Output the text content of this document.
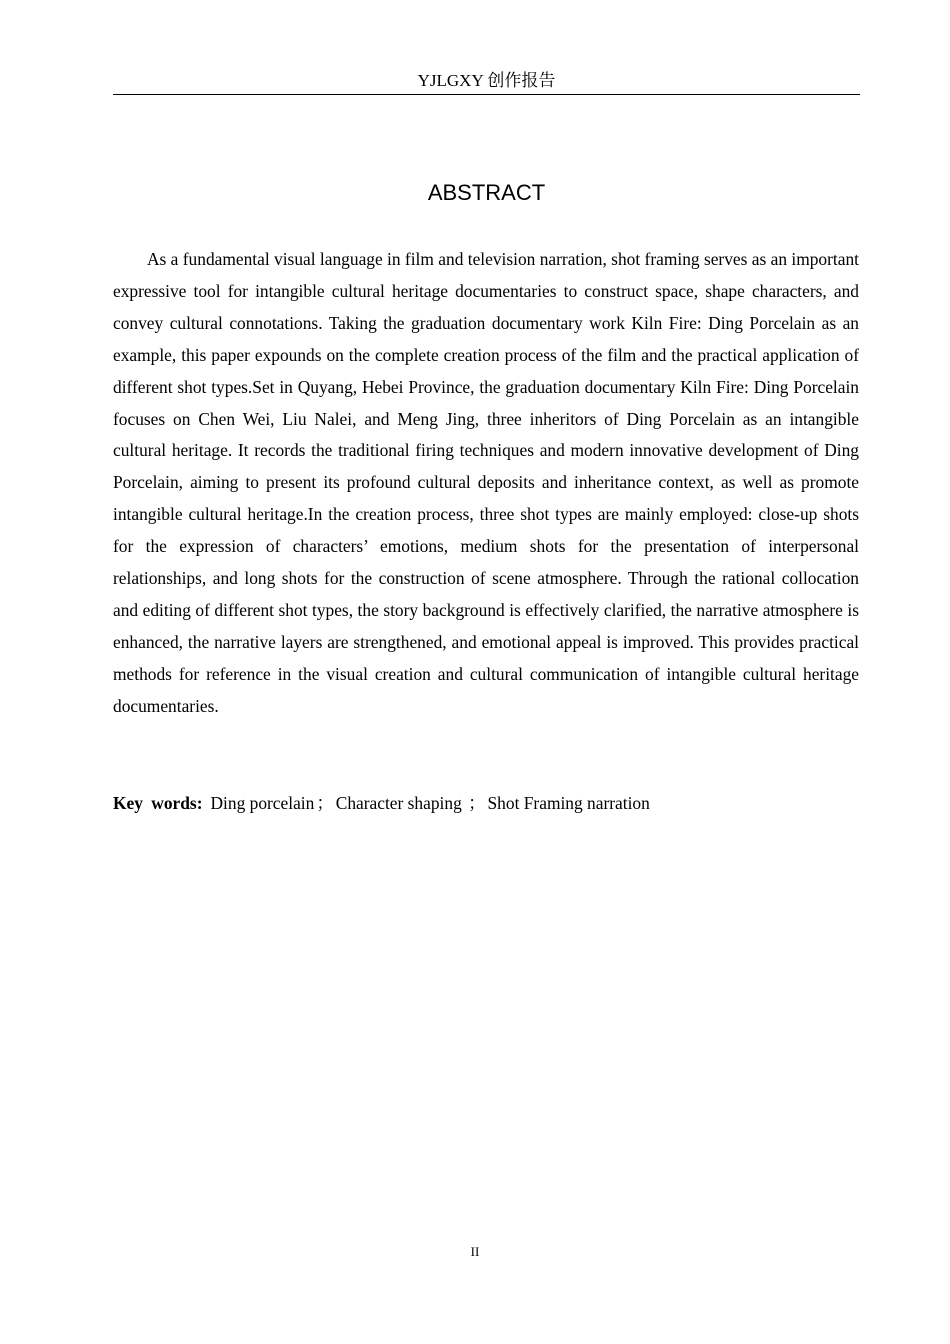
YJLGXY 创作报告
ABSTRACT

As a fundamental visual language in film and television narration, shot framing serves as an important expressive tool for intangible cultural heritage documentaries to construct space, shape characters, and convey cultural connotations. Taking the graduation documentary work Kiln Fire: Ding Porcelain as an example, this paper expounds on the complete creation process of the film and the practical application of different shot types.Set in Quyang, Hebei Province, the graduation documentary Kiln Fire: Ding Porcelain focuses on Chen Wei, Liu Nalei, and Meng Jing, three inheritors of Ding Porcelain as an intangible cultural heritage. It records the traditional firing techniques and modern innovative development of Ding Porcelain, aiming to present its profound cultural deposits and inheritance context, as well as promote intangible cultural heritage.In the creation process, three shot types are mainly employed: close-up shots for the expression of characters’ emotions, medium shots for the presentation of interpersonal relationships, and long shots for the construction of scene atmosphere. Through the rational collocation and editing of different shot types, the story background is effectively clarified, the narrative atmosphere is enhanced, the narrative layers are strengthened, and emotional appeal is improved. This provides practical methods for reference in the visual creation and cultural communication of intangible cultural heritage documentaries.

Key words: Ding porcelain ； Character shaping ； Shot Framing narration
II
